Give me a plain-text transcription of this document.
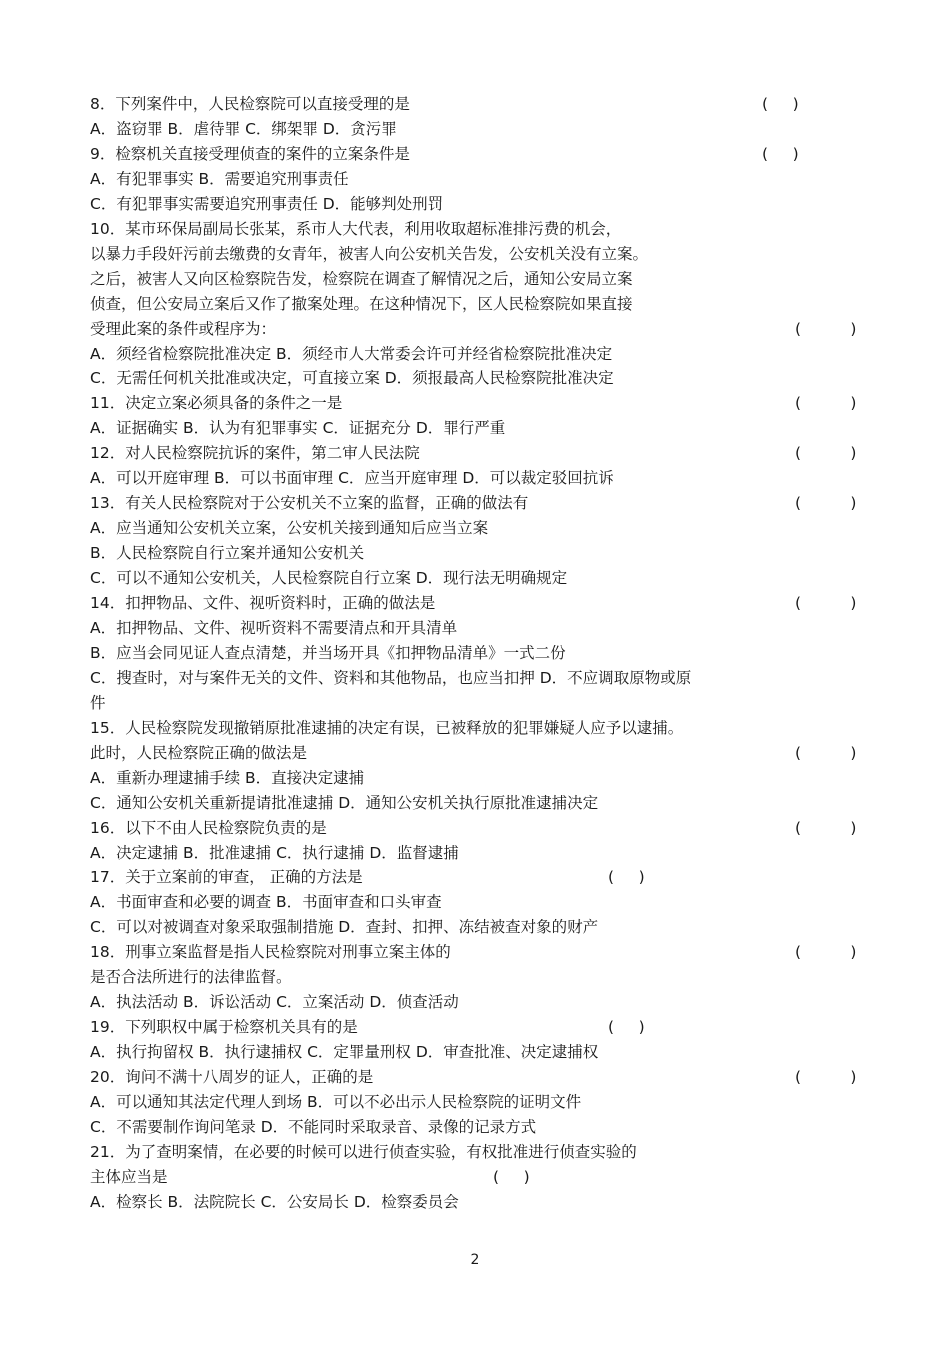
8．下列案件中，人民检察院可以直接受理的是	(     )
A．盗窃罪 B．虐待罪 C．绑架罪 D．贪污罪
9．检察机关直接受理侦查的案件的立案条件是	(     )
A．有犯罪事实 B．需要追究刑事责任
C．有犯罪事实需要追究刑事责任 D．能够判处刑罚
10．某市环保局副局长张某，系市人大代表，利用收取超标准排污费的机会，
以暴力手段奸污前去缴费的女青年，被害人向公安机关告发，公安机关没有立案。
之后，被害人又向区检察院告发，检察院在调查了解情况之后，通知公安局立案
侦查，但公安局立案后又作了撤案处理。在这种情况下，区人民检察院如果直接
受理此案的条件或程序为：	(          )
A．须经省检察院批准决定 B．须经市人大常委会许可并经省检察院批准决定
C．无需任何机关批准或决定，可直接立案 D．须报最高人民检察院批准决定
11．决定立案必须具备的条件之一是	(          )
A．证据确实 B．认为有犯罪事实 C．证据充分 D．罪行严重
12．对人民检察院抗诉的案件，第二审人民法院	(          )
A．可以开庭审理 B．可以书面审理 C．应当开庭审理 D．可以裁定驳回抗诉
13．有关人民检察院对于公安机关不立案的监督，正确的做法有	(          )
A．应当通知公安机关立案，公安机关接到通知后应当立案
B．人民检察院自行立案并通知公安机关
C．可以不通知公安机关，人民检察院自行立案 D．现行法无明确规定
14．扣押物品、文件、视听资料时，正确的做法是	(          )
A．扣押物品、文件、视听资料不需要清点和开具清单
B．应当会同见证人查点清楚，并当场开具《扣押物品清单》一式二份
C．搜查时，对与案件无关的文件、资料和其他物品，也应当扣押 D．不应调取原物或原
件
15．人民检察院发现撤销原批准逮捕的决定有误，已被释放的犯罪嫌疑人应予以逮捕。
此时，人民检察院正确的做法是	(          )
A．重新办理逮捕手续 B．直接决定逮捕
C．通知公安机关重新提请批准逮捕 D．通知公安机关执行原批准逮捕决定
16．以下不由人民检察院负责的是	(          )
A．决定逮捕 B．批准逮捕 C．执行逮捕 D．监督逮捕
17．关于立案前的审查， 正确的方法是	(     )
A．书面审查和必要的调查 B．书面审查和口头审查
C．可以对被调查对象采取强制措施 D．查封、扣押、冻结被查对象的财产
18．刑事立案监督是指人民检察院对刑事立案主体的	(          )
是否合法所进行的法律监督。
A．执法活动 B．诉讼活动 C．立案活动 D．侦查活动
19．下列职权中属于检察机关具有的是	(     )
A．执行拘留权 B．执行逮捕权 C．定罪量刑权 D．审查批准、决定逮捕权
20．询问不满十八周岁的证人，正确的是	(          )
A．可以通知其法定代理人到场 B．可以不必出示人民检察院的证明文件
C．不需要制作询问笔录 D．不能同时采取录音、录像的记录方式
21．为了查明案情，在必要的时候可以进行侦查实验，有权批准进行侦查实验的
主体应当是	(     )
A．检察长 B．法院院长 C．公安局长 D．检察委员会
2
